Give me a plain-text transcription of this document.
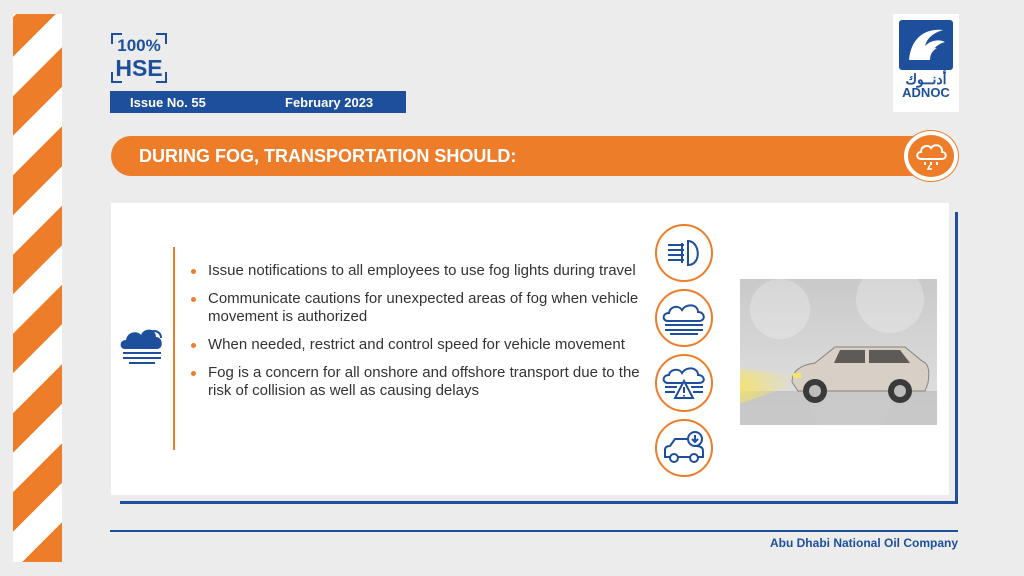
100%
HSE
Issue No. 55	February 2023
أدنــوك
ADNOC
DURING FOG, TRANSPORTATION SHOULD:
Issue notifications to all employees to use fog lights during travel
Communicate cautions for unexpected areas of fog when vehicle movement is authorized
When needed, restrict and control speed for vehicle movement
Fog is a concern for all onshore and offshore transport due to the risk of collision as well as causing delays
Abu Dhabi National Oil Company
